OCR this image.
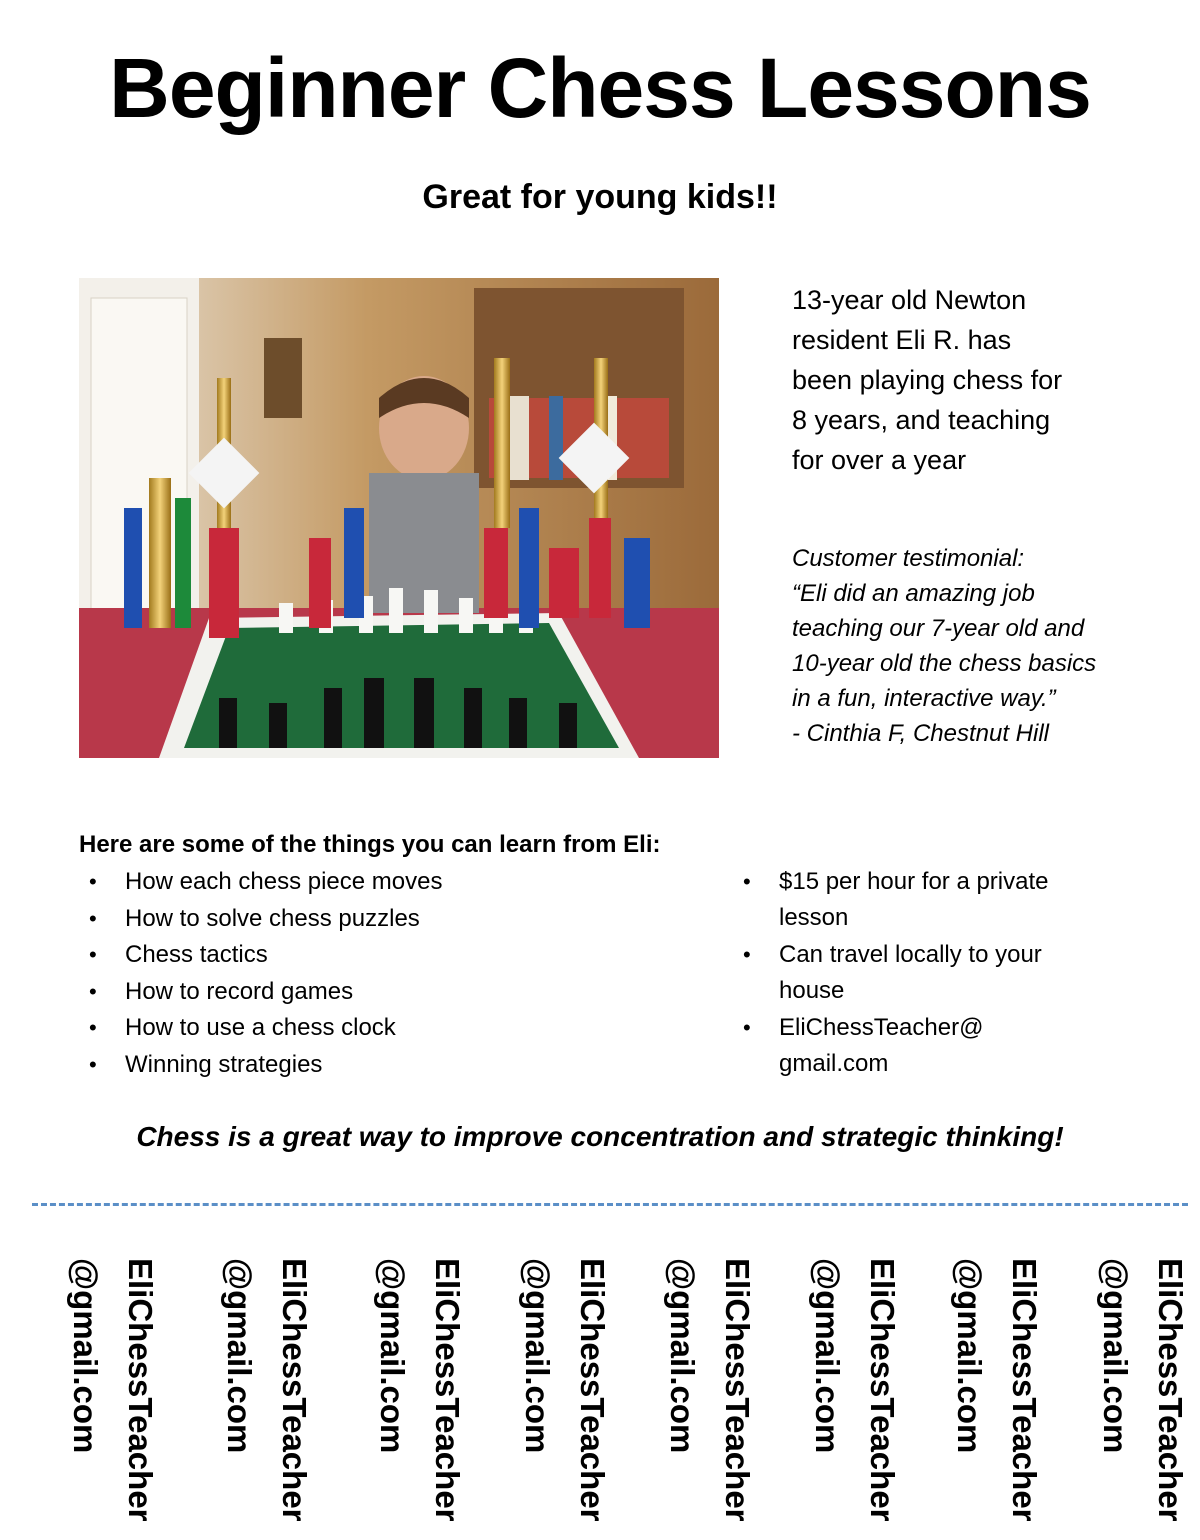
Beginner Chess Lessons
Great for young kids!!
13-year old Newton
resident Eli R. has
been playing chess for
8 years, and teaching
for over a year
Customer testimonial:
“Eli did an amazing job
teaching our 7-year old and
10-year old the chess basics
in a fun, interactive way.”
- Cinthia F, Chestnut Hill
Here are some of the things you can learn from Eli:
• How each chess piece moves
• How to solve chess puzzles
• Chess tactics
• How to record games
• How to use a chess clock
• Winning strategies
• $15 per hour for a private
lesson
• Can travel locally to your
house
• EliChessTeacher@
gmail.com
Chess is a great way to improve concentration and strategic thinking!
EliChessTeacher
@gmail.com	EliChessTeacher
@gmail.com	EliChessTeacher
@gmail.com	EliChessTeacher
@gmail.com	EliChessTeacher
@gmail.com	EliChessTeacher
@gmail.com	EliChessTeacher
@gmail.com	EliChessTeacher
@gmail.com
